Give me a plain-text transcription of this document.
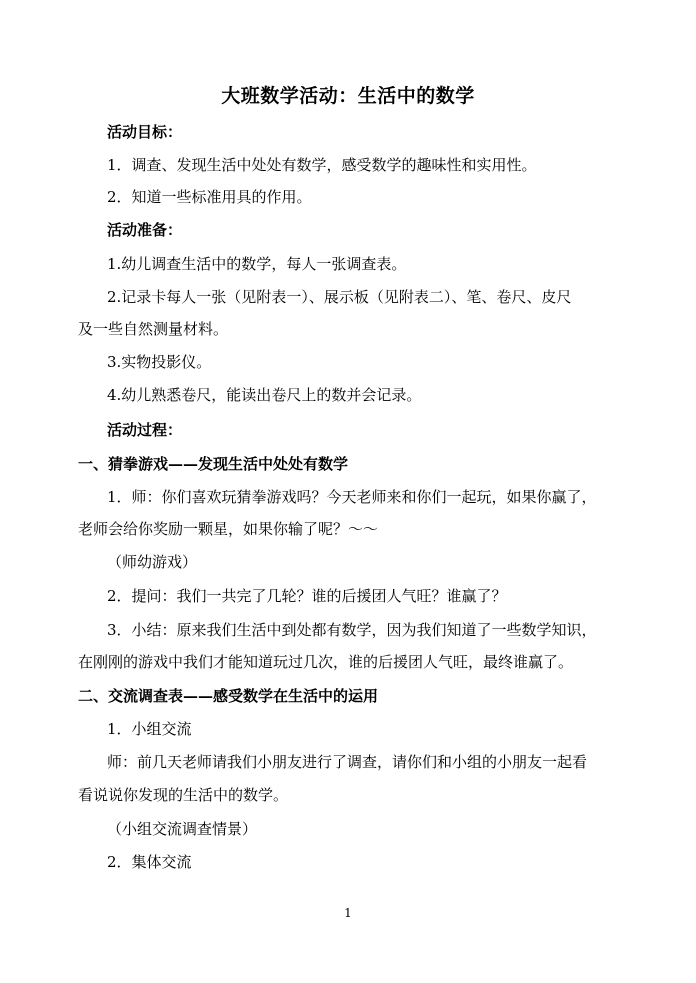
大班数学活动：生活中的数学
活动目标：
1．调查、发现生活中处处有数学，感受数学的趣味性和实用性。
2．知道一些标准用具的作用。
活动准备：
1.幼儿调查生活中的数学，每人一张调查表。
2.记录卡每人一张（见附表一）、展示板（见附表二）、笔、卷尺、皮尺
及一些自然测量材料。
3.实物投影仪。
4.幼儿熟悉卷尺，能读出卷尺上的数并会记录。
活动过程：
一、猜拳游戏——发现生活中处处有数学
1．师：你们喜欢玩猜拳游戏吗？今天老师来和你们一起玩，如果你赢了，
老师会给你奖励一颗星，如果你输了呢？～～
（师幼游戏）
2．提问：我们一共完了几轮？谁的后援团人气旺？谁赢了？
3．小结：原来我们生活中到处都有数学，因为我们知道了一些数学知识，
在刚刚的游戏中我们才能知道玩过几次，谁的后援团人气旺，最终谁赢了。
二、交流调查表——感受数学在生活中的运用
1．小组交流
师：前几天老师请我们小朋友进行了调查，请你们和小组的小朋友一起看
看说说你发现的生活中的数学。
（小组交流调查情景）
2．集体交流
1
